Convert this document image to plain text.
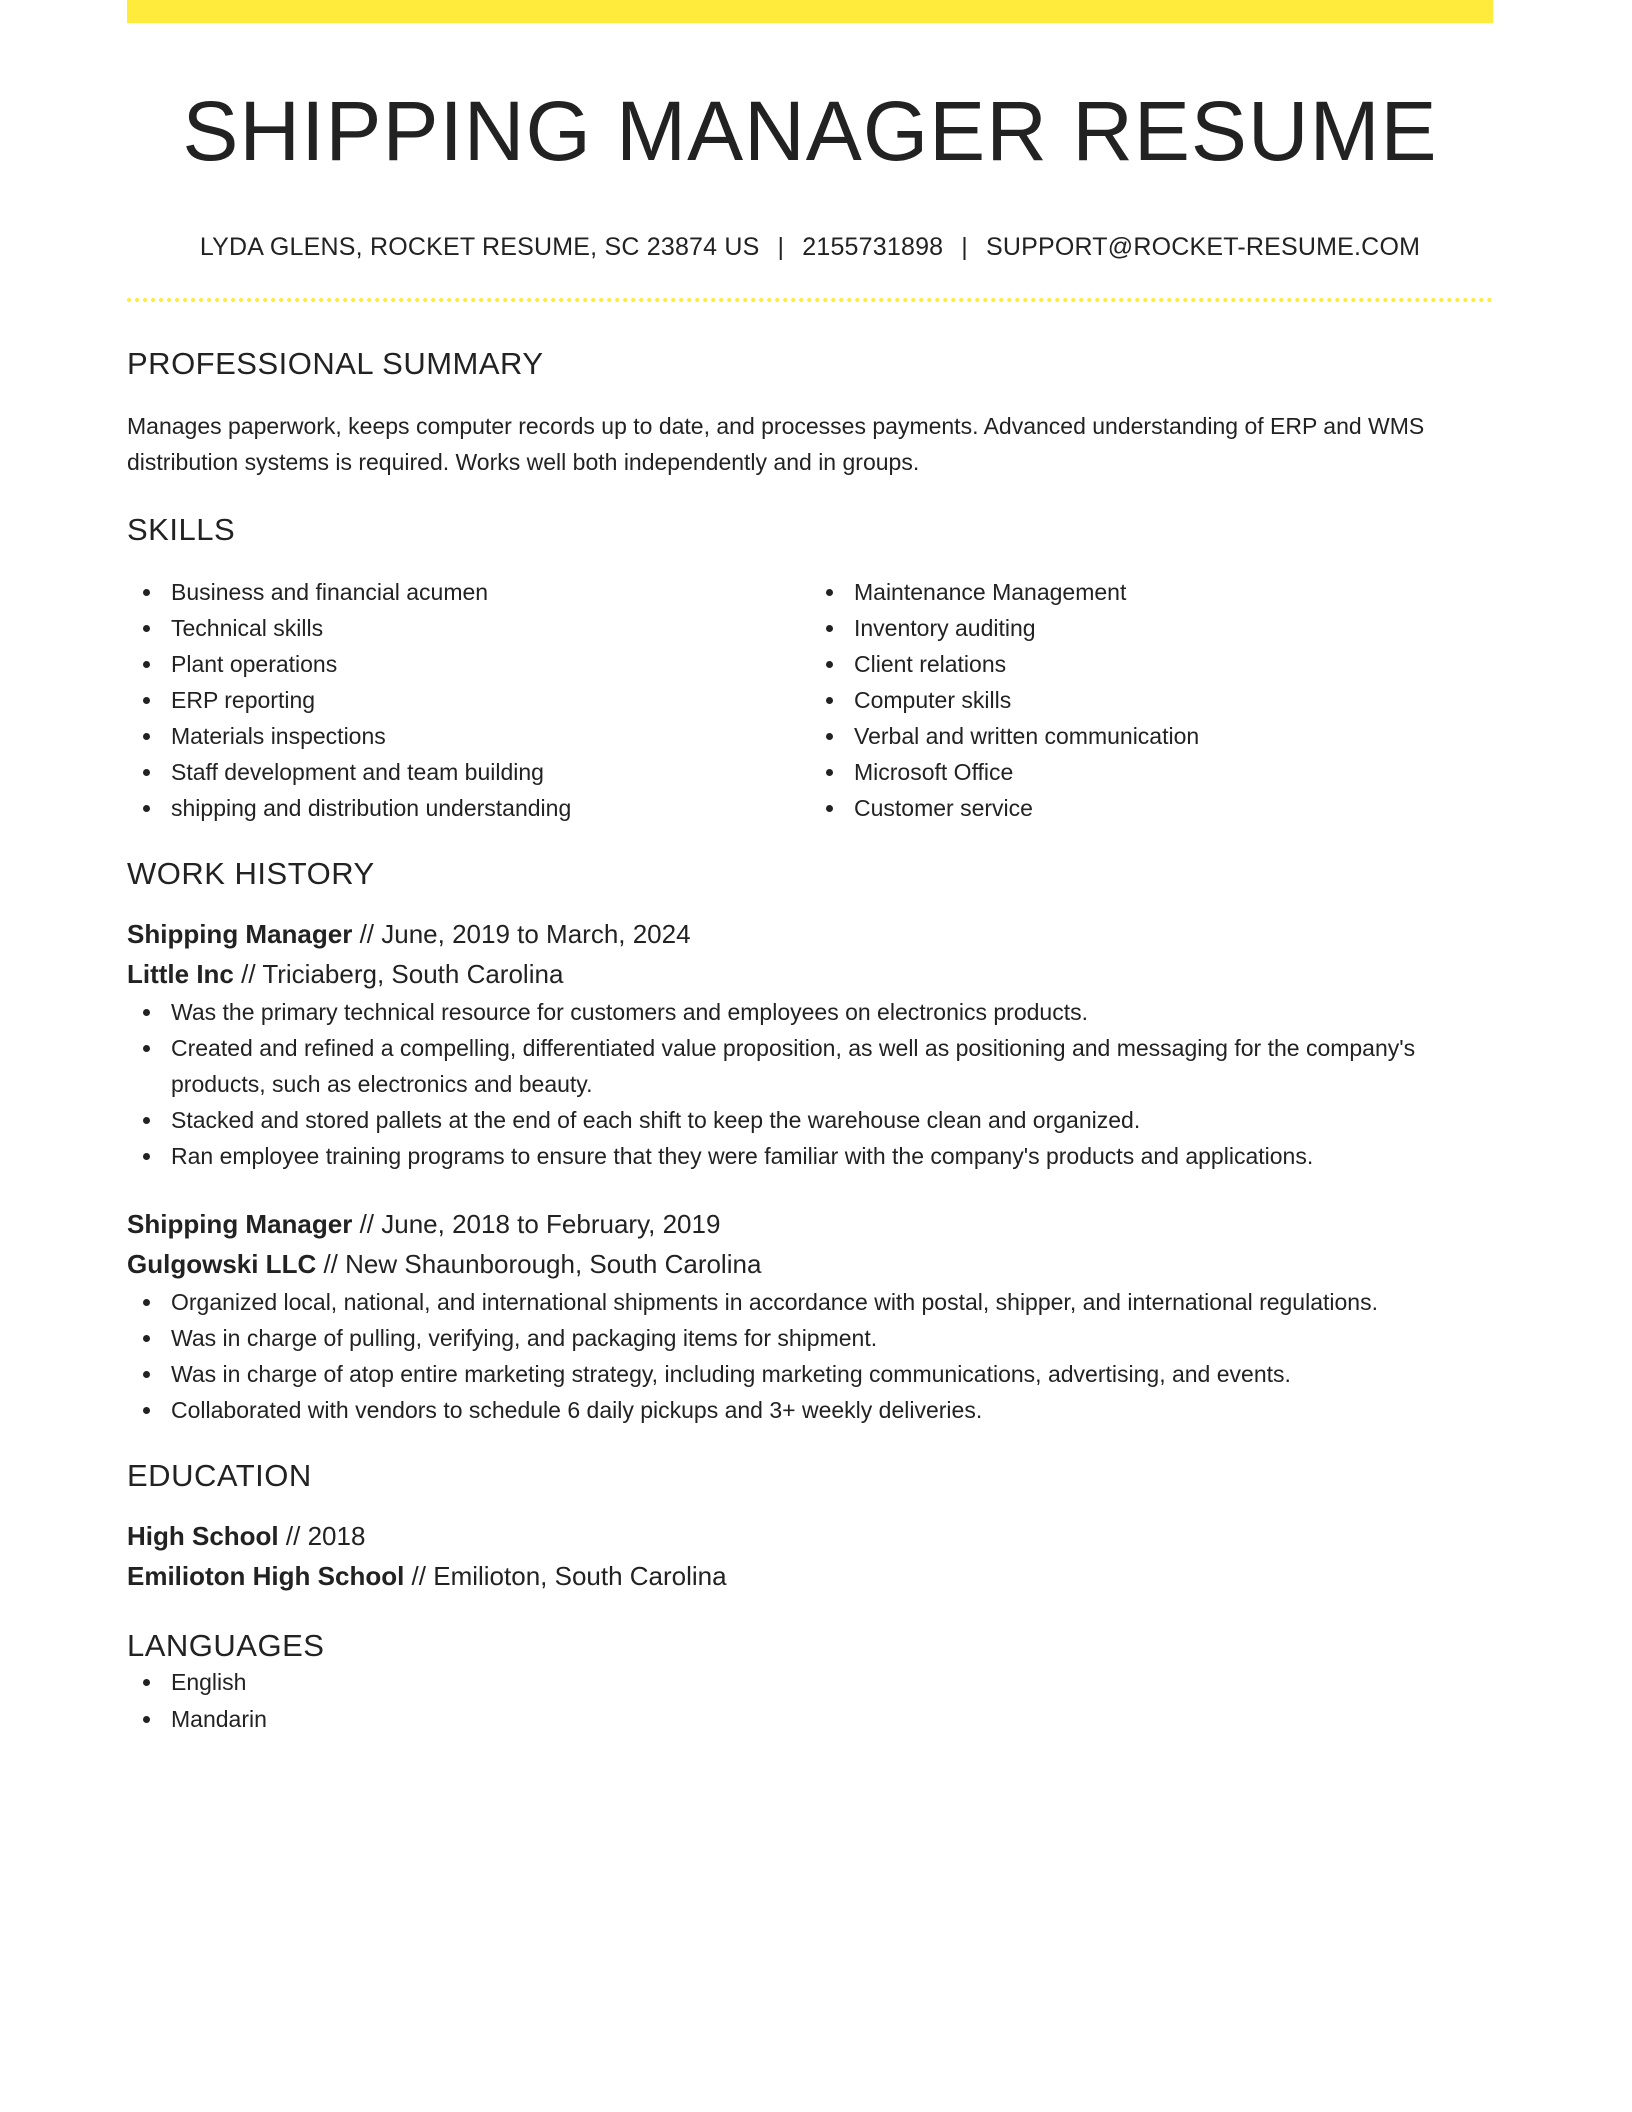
SHIPPING MANAGER RESUME
LYDA GLENS, ROCKET RESUME, SC 23874 US | 2155731898 | SUPPORT@ROCKET-RESUME.COM
PROFESSIONAL SUMMARY

Manages paperwork, keeps computer records up to date, and processes payments. Advanced understanding of ERP and WMS distribution systems is required. Works well both independently and in groups.

SKILLS
Business and financial acumen
Technical skills
Plant operations
ERP reporting
Materials inspections
Staff development and team building
shipping and distribution understanding
Maintenance Management
Inventory auditing
Client relations
Computer skills
Verbal and written communication
Microsoft Office
Customer service
WORK HISTORY
Shipping Manager // June, 2019 to March, 2024
Little Inc // Triciaberg, South Carolina
Was the primary technical resource for customers and employees on electronics products.
Created and refined a compelling, differentiated value proposition, as well as positioning and messaging for the company's products, such as electronics and beauty.
Stacked and stored pallets at the end of each shift to keep the warehouse clean and organized.
Ran employee training programs to ensure that they were familiar with the company's products and applications.
Shipping Manager // June, 2018 to February, 2019
Gulgowski LLC // New Shaunborough, South Carolina
Organized local, national, and international shipments in accordance with postal, shipper, and international regulations.
Was in charge of pulling, verifying, and packaging items for shipment.
Was in charge of atop entire marketing strategy, including marketing communications, advertising, and events.
Collaborated with vendors to schedule 6 daily pickups and 3+ weekly deliveries.
EDUCATION
High School // 2018
Emilioton High School // Emilioton, South Carolina
LANGUAGES
English
Mandarin
